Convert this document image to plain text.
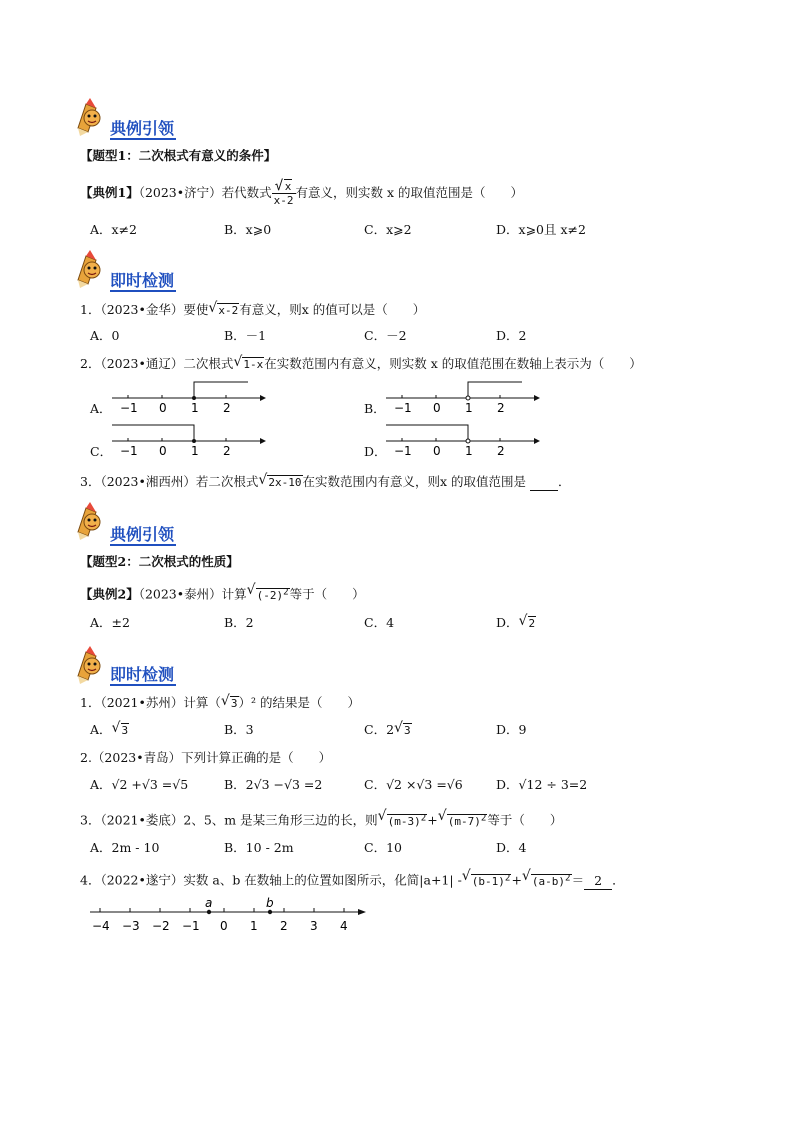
典例引领
【题型1：二次根式有意义的条件】
【典例1】（2023•济宁）若代数式 $\frac{√ x}{x-2}$ 有意义，则实数 x 的取值范围是（　　）
A．x≠2	B．x⩾0	C．x⩾2	D．x⩾0且 x≠2
即时检测
1．（2023•金华）要使 √ x-2有意义，则x 的值可以是（　　）
A．0	B．－1	C．－2	D．2
2．（2023•通辽）二次根式 √ 1-x在实数范围内有意义，则实数 x 的取值范围在数轴上表示为（　　）
A． −1 0 1 2	B． −1 0 1 2
C． −1 0 1 2	D． −1 0 1 2
3．（2023•湘西州）若二次根式 √ 2x-10在实数范围内有意义，则x 的取值范围是	．
典例引领
【题型2：二次根式的性质】
【典例2】（2023•泰州）计算 √ $(-2)^2$等于（　　）
A．±2	B．2	C．4	D． √ 2
即时检测
1．（2021•苏州）计算（ √ 3）² 的结果是（　　）
A． √ 3	B．3	C．2 √ 3	D．9
2.（2023•青岛）下列计算正确的是（　　）
A．√2 +√3 =√5	B．2√3 −√3 =2	C．√2 ×√3 =√6	D．√12 ÷ 3=2
3．（2021•娄底）2、5、m 是某三角形三边的长，则 √ $(m-3)^2+$ √ $(m-7)^2$等于（　　）
A．2m - 10	B．10 - 2m	C．10	D．4
4．（2022•遂宁）实数 a、b 在数轴上的位置如图所示，化简|a+1| - √ $(b-1)^2+$ √ $(a-b)^2= 2$ ．
a	b
−4 −3 −2 −1 0 1 2 3 4
